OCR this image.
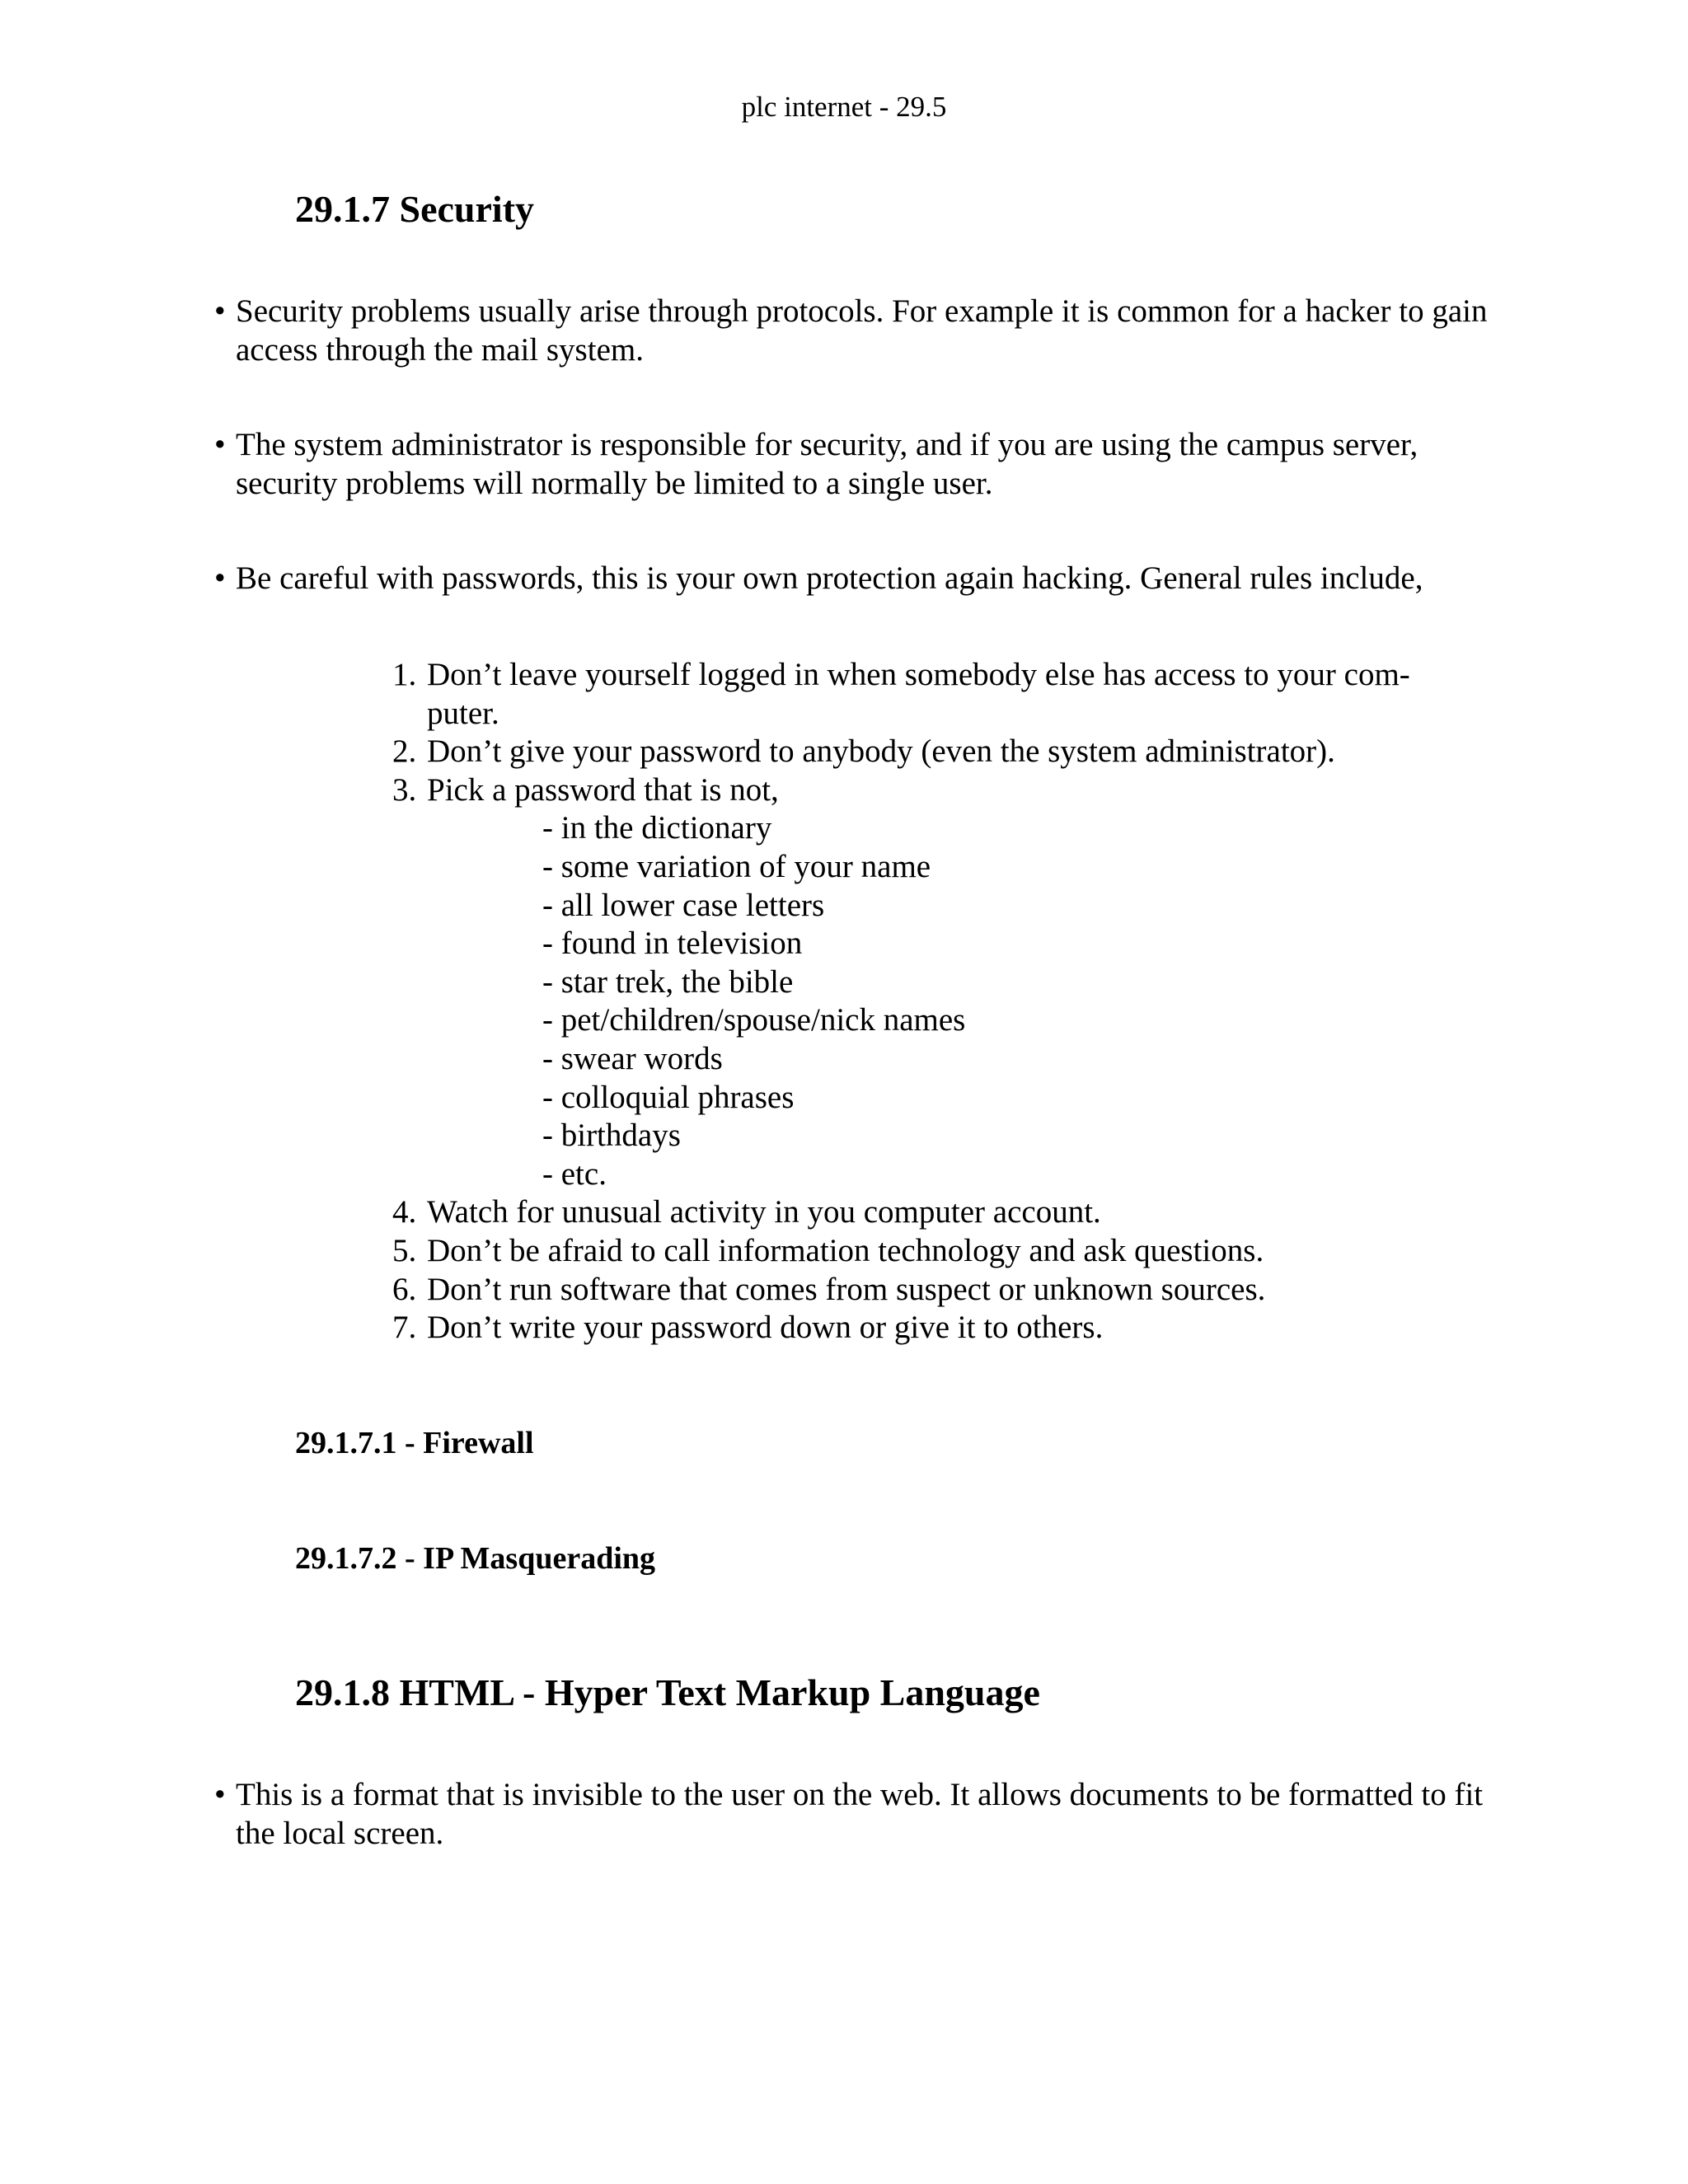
plc internet - 29.5
29.1.7 Security
• Security problems usually arise through protocols. For example it is common for a hacker to gain access through the mail system.
• The system administrator is responsible for security, and if you are using the campus server, security problems will normally be limited to a single user.
• Be careful with passwords, this is your own protection again hacking. General rules include,
1. Don’t leave yourself logged in when somebody else has access to your com-
puter.
2. Don’t give your password to anybody (even the system administrator).
3. Pick a password that is not,
- in the dictionary
- some variation of your name
- all lower case letters
- found in television
- star trek, the bible
- pet/children/spouse/nick names
- swear words
- colloquial phrases
- birthdays
- etc.
4. Watch for unusual activity in you computer account.
5. Don’t be afraid to call information technology and ask questions.
6. Don’t run software that comes from suspect or unknown sources.
7. Don’t write your password down or give it to others.
29.1.7.1 - Firewall
29.1.7.2 - IP Masquerading
29.1.8 HTML - Hyper Text Markup Language
• This is a format that is invisible to the user on the web. It allows documents to be formatted to fit the local screen.
